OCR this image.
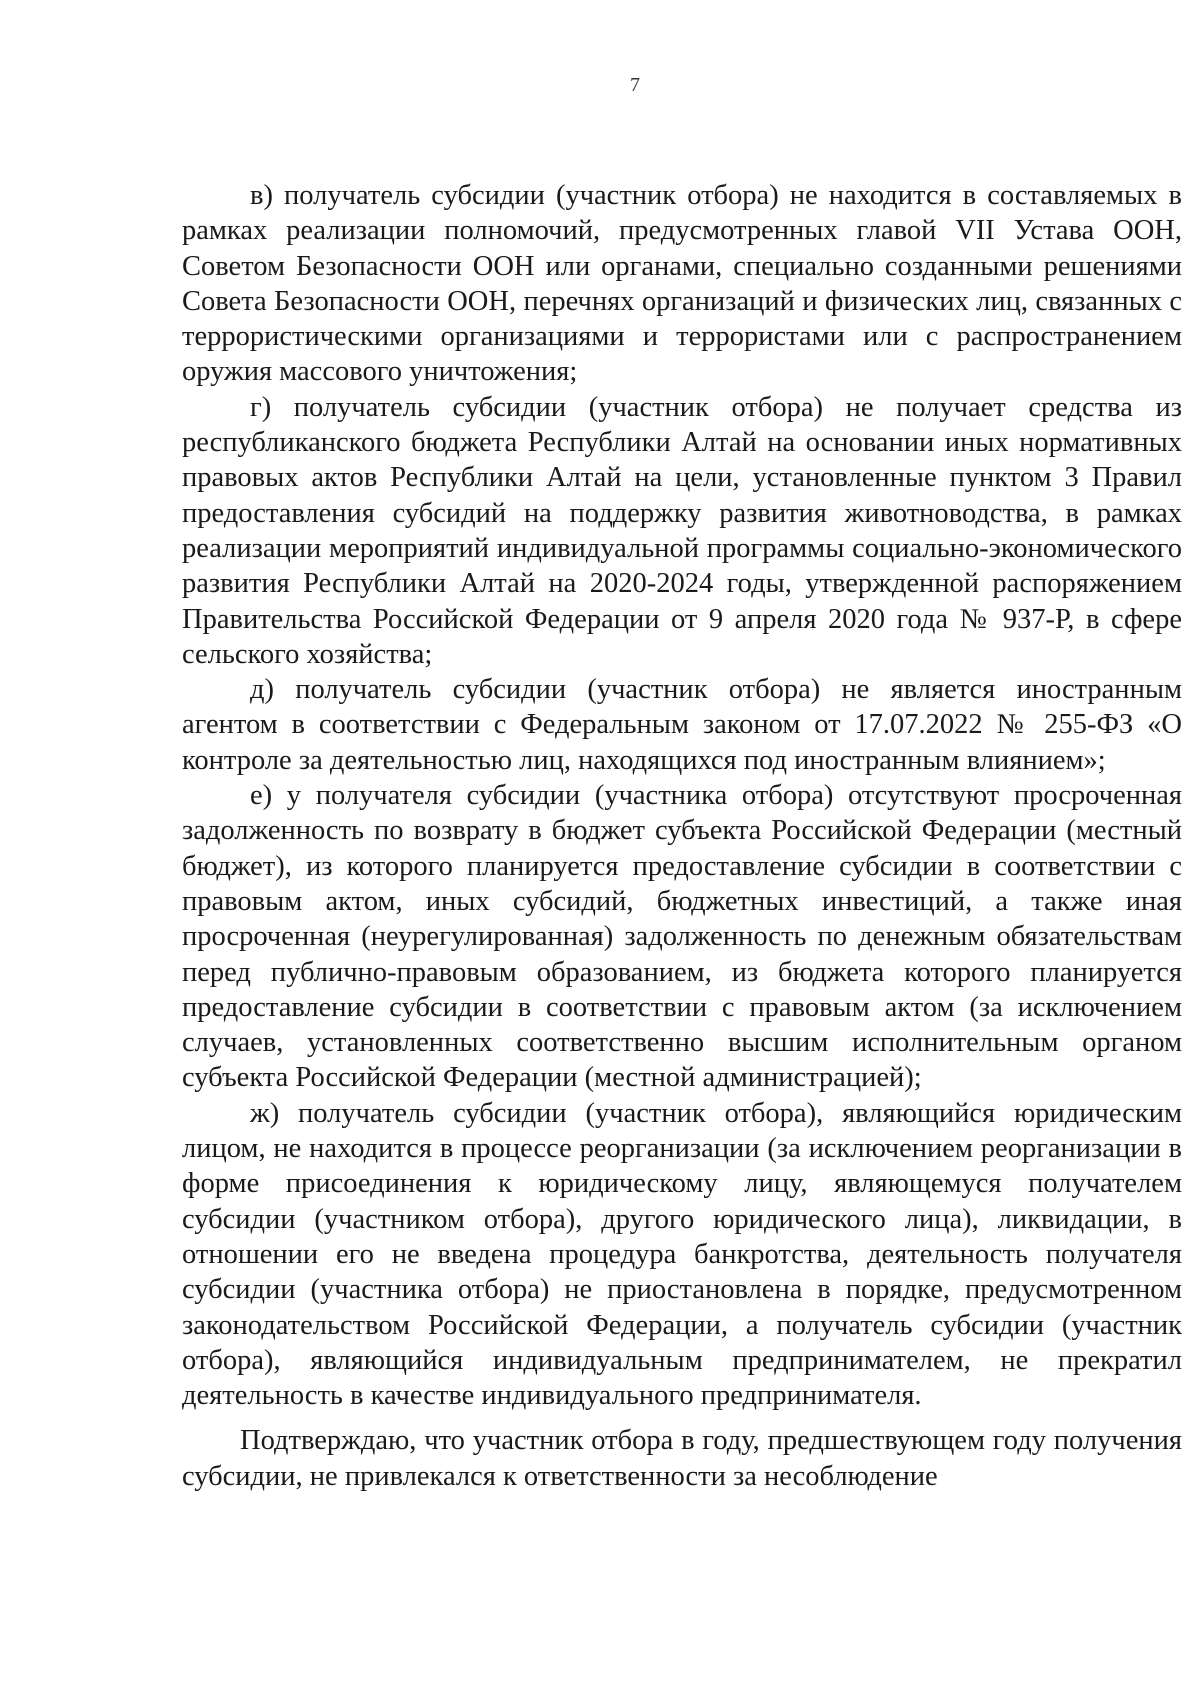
7

в) получатель субсидии (участник отбора) не находится в составляемых в рамках реализации полномочий, предусмотренных главой VII Устава ООН, Советом Безопасности ООН или органами, специально созданными решениями Совета Безопасности ООН, перечнях организаций и физических лиц, связанных с террористическими организациями и террористами или с распространением оружия массового уничтожения;

г) получатель субсидии (участник отбора) не получает средства из республиканского бюджета Республики Алтай на основании иных нормативных правовых актов Республики Алтай на цели, установленные пунктом 3 Правил предоставления субсидий на поддержку развития животноводства, в рамках реализации мероприятий индивидуальной программы социально-экономического развития Республики Алтай на 2020-2024 годы, утвержденной распоряжением Правительства Российской Федерации от 9 апреля 2020 года № 937-Р, в сфере сельского хозяйства;

д) получатель субсидии (участник отбора) не является иностранным агентом в соответствии с Федеральным законом от 17.07.2022 № 255-ФЗ «О контроле за деятельностью лиц, находящихся под иностранным влиянием»;

е) у получателя субсидии (участника отбора) отсутствуют просроченная задолженность по возврату в бюджет субъекта Российской Федерации (местный бюджет), из которого планируется предоставление субсидии в соответствии с правовым актом, иных субсидий, бюджетных инвестиций, а также иная просроченная (неурегулированная) задолженность по денежным обязательствам перед публично-правовым образованием, из бюджета которого планируется предоставление субсидии в соответствии с правовым актом (за исключением случаев, установленных соответственно высшим исполнительным органом субъекта Российской Федерации (местной администрацией);

ж) получатель субсидии (участник отбора), являющийся юридическим лицом, не находится в процессе реорганизации (за исключением реорганизации в форме присоединения к юридическому лицу, являющемуся получателем субсидии (участником отбора), другого юридического лица), ликвидации, в отношении его не введена процедура банкротства, деятельность получателя субсидии (участника отбора) не приостановлена в порядке, предусмотренном законодательством Российской Федерации, а получатель субсидии (участник отбора), являющийся индивидуальным предпринимателем, не прекратил деятельность в качестве индивидуального предпринимателя.

Подтверждаю, что участник отбора в году, предшествующем году получения субсидии, не привлекался к ответственности за несоблюдение
